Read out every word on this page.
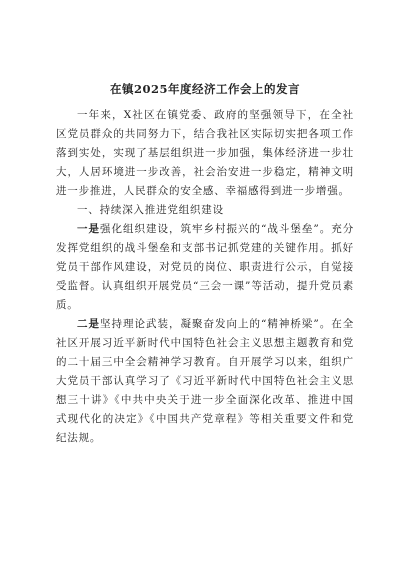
在镇2025年度经济工作会上的发言

一年来，X社区在镇党委、政府的坚强领导下，在全社区党员群众的共同努力下，结合我社区实际切实把各项工作落到实处，实现了基层组织进一步加强，集体经济进一步壮大，人居环境进一步改善，社会治安进一步稳定，精神文明进一步推进，人民群众的安全感、幸福感得到进一步增强。

一、持续深入推进党组织建设

一是强化组织建设，筑牢乡村振兴的“战斗堡垒”。充分发挥党组织的战斗堡垒和支部书记抓党建的关键作用。抓好党员干部作风建设，对党员的岗位、职责进行公示，自觉接受监督。认真组织开展党员“三会一课”等活动，提升党员素质。

二是坚持理论武装，凝聚奋发向上的“精神桥梁”。在全社区开展习近平新时代中国特色社会主义思想主题教育和党的二十届三中全会精神学习教育。自开展学习以来，组织广大党员干部认真学习了《习近平新时代中国特色社会主义思想三十讲》《中共中央关于进一步全面深化改革、推进中国式现代化的决定》《中国共产党章程》等相关重要文件和党纪法规。
